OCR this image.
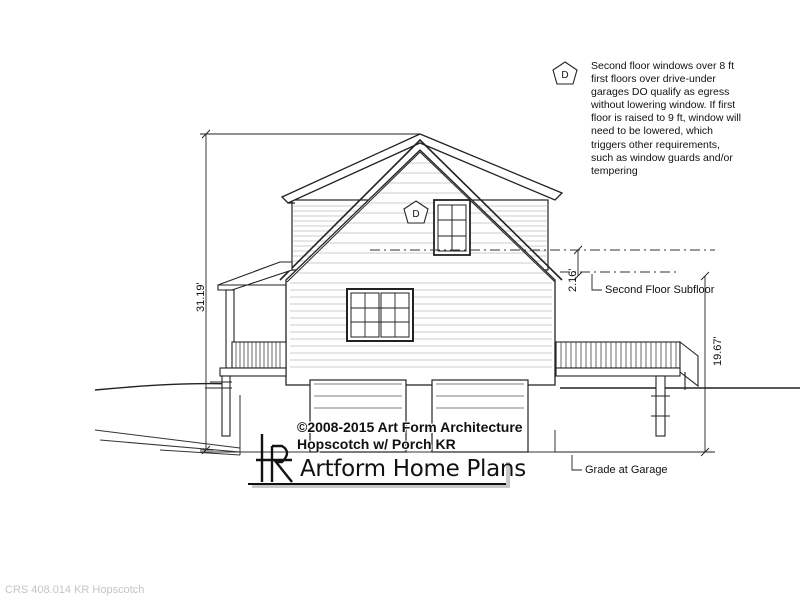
D
D
Second floor windows over 8 ft
first floors over drive-under
garages DO qualify as egress
without lowering window. If first
floor is raised to 9 ft, window will
need to be lowered, which
triggers other requirements,
such as window guards and/or
tempering
31.19'
2.16'
19.67'
Second Floor Subfloor
Grade at Garage
©2008-2015 Art Form Architecture
Hopscotch w/ Porch KR
Artform Home Plans
CRS 408.014 KR Hopscotch
